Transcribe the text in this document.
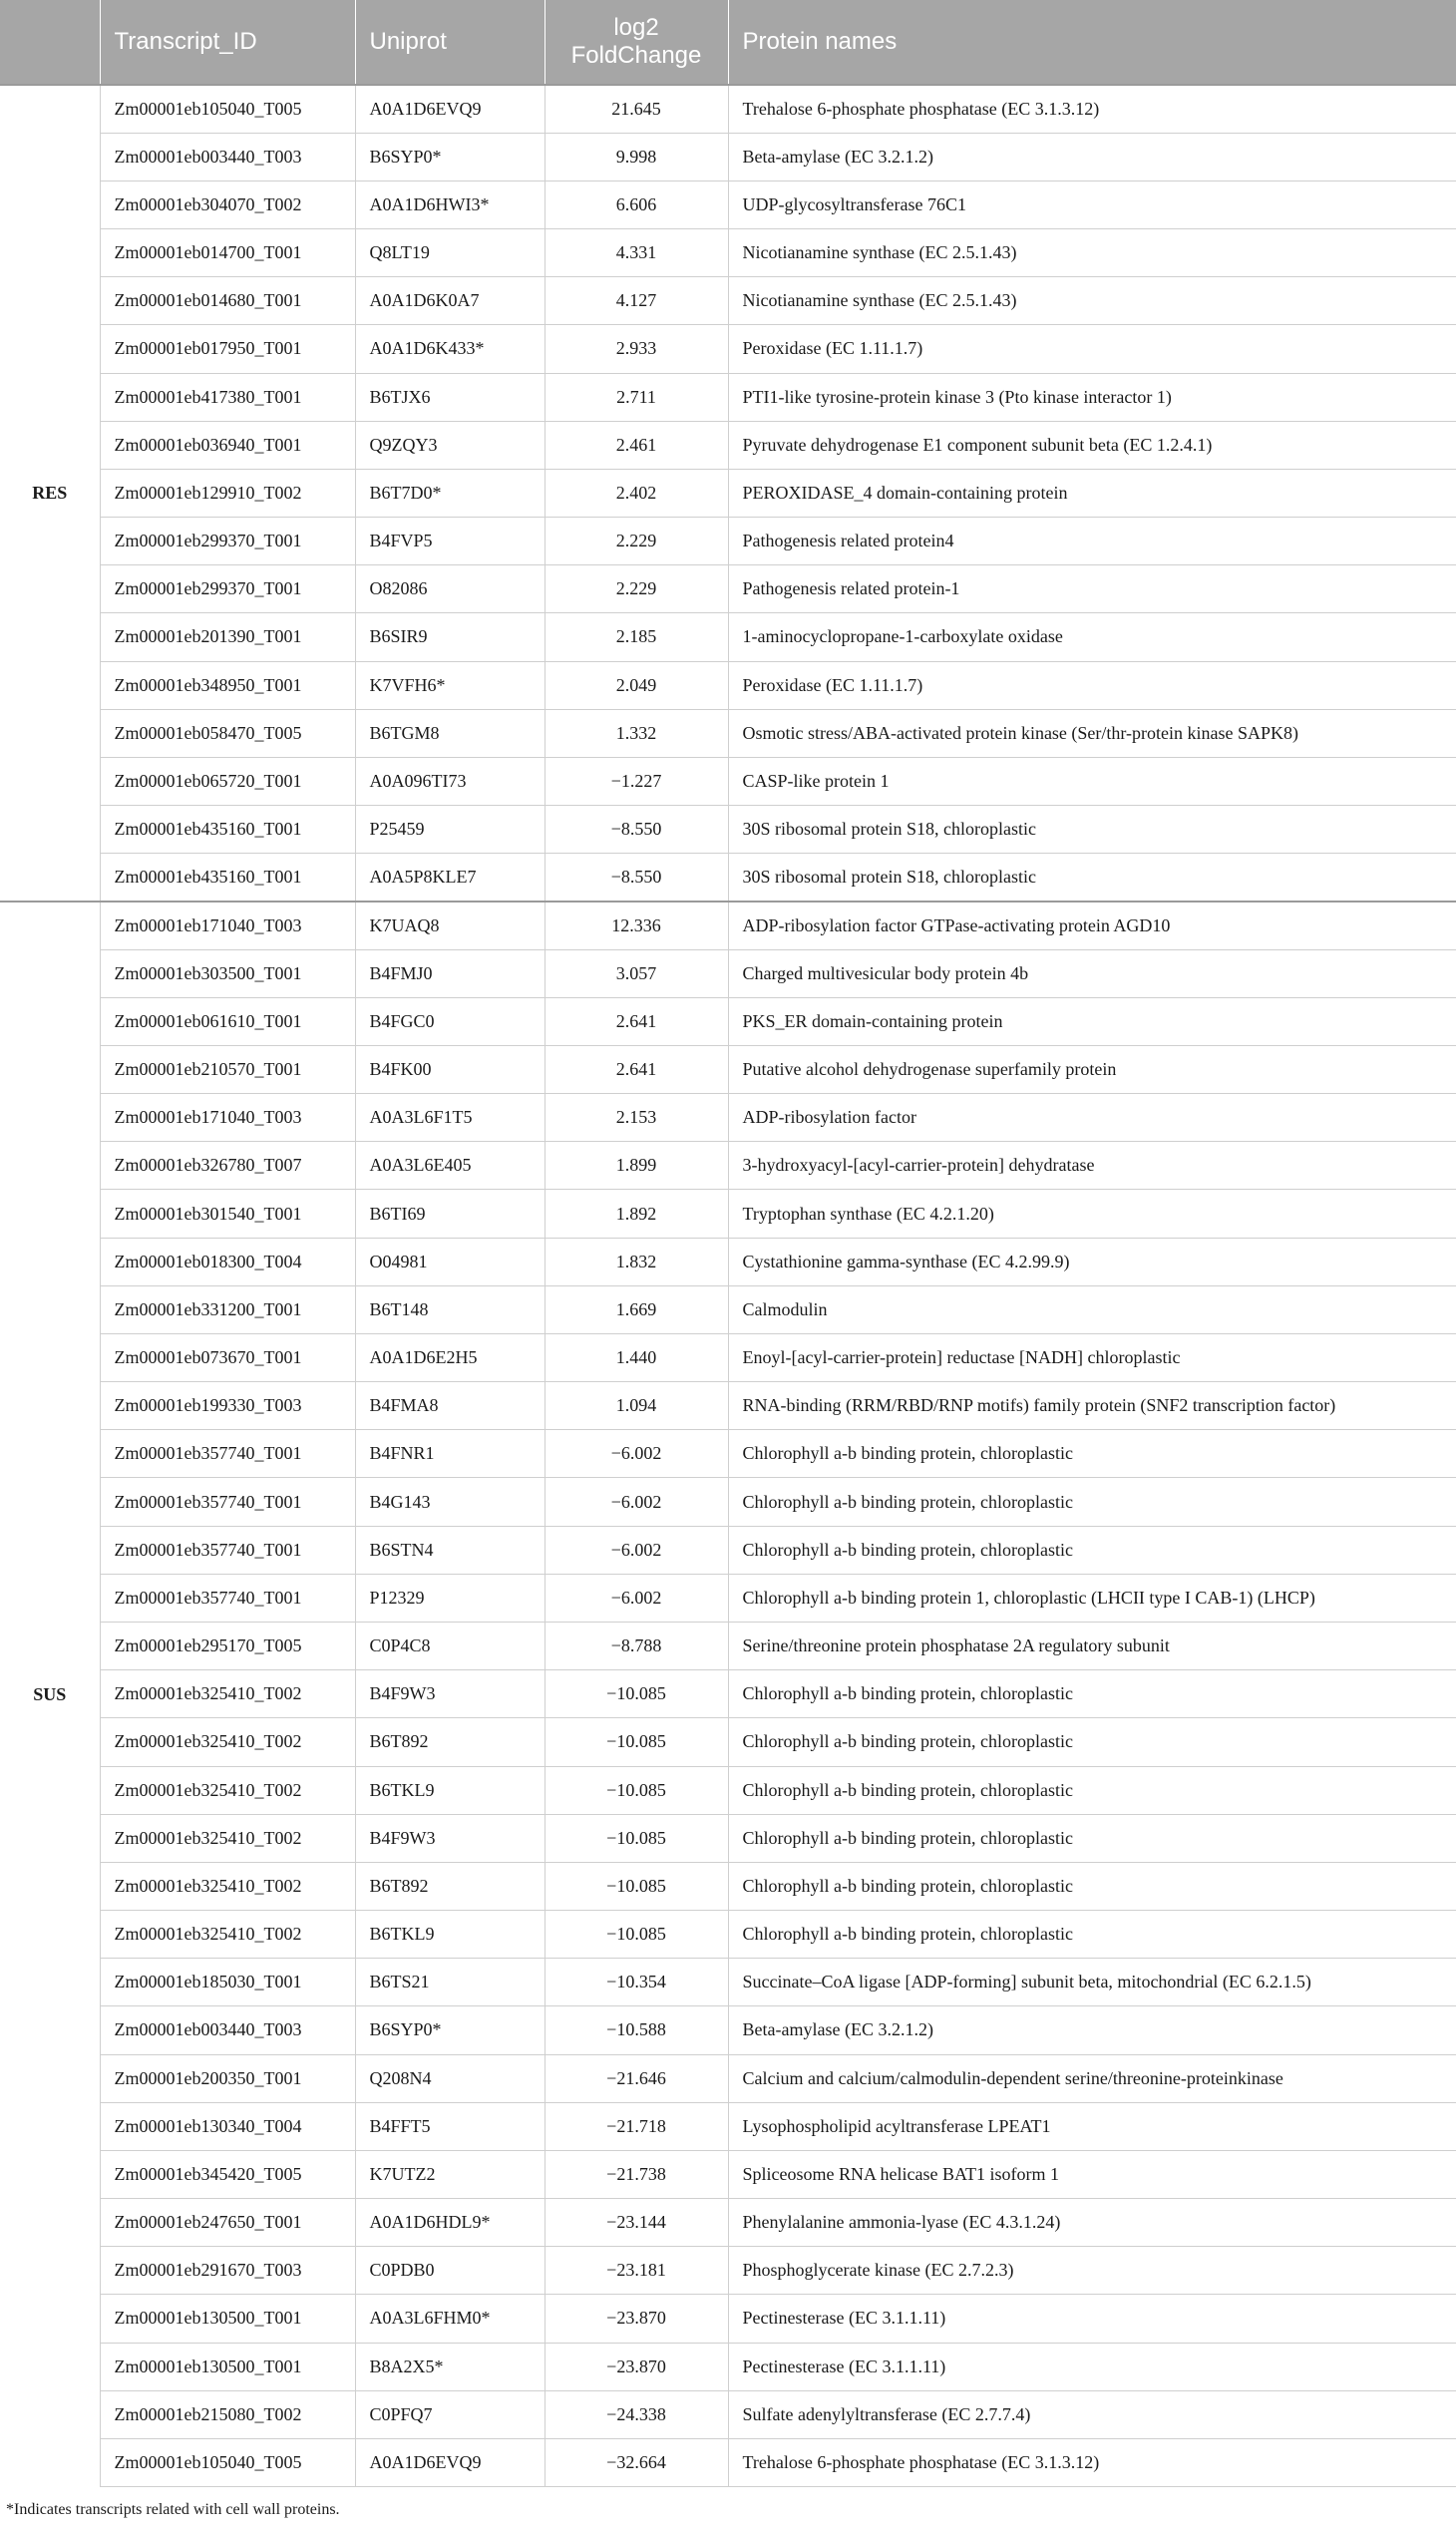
	Transcript_ID	Uniprot	log2 FoldChange	Protein names
RES	Zm00001eb105040_T005	A0A1D6EVQ9	21.645	Trehalose 6-phosphate phosphatase (EC 3.1.3.12)
	Zm00001eb003440_T003	B6SYP0*	9.998	Beta-amylase (EC 3.2.1.2)
	Zm00001eb304070_T002	A0A1D6HWI3*	6.606	UDP-glycosyltransferase 76C1
	Zm00001eb014700_T001	Q8LT19	4.331	Nicotianamine synthase (EC 2.5.1.43)
	Zm00001eb014680_T001	A0A1D6K0A7	4.127	Nicotianamine synthase (EC 2.5.1.43)
	Zm00001eb017950_T001	A0A1D6K433*	2.933	Peroxidase (EC 1.11.1.7)
	Zm00001eb417380_T001	B6TJX6	2.711	PTI1-like tyrosine-protein kinase 3 (Pto kinase interactor 1)
	Zm00001eb036940_T001	Q9ZQY3	2.461	Pyruvate dehydrogenase E1 component subunit beta (EC 1.2.4.1)
	Zm00001eb129910_T002	B6T7D0*	2.402	PEROXIDASE_4 domain-containing protein
	Zm00001eb299370_T001	B4FVP5	2.229	Pathogenesis related protein4
	Zm00001eb299370_T001	O82086	2.229	Pathogenesis related protein-1
	Zm00001eb201390_T001	B6SIR9	2.185	1-aminocyclopropane-1-carboxylate oxidase
	Zm00001eb348950_T001	K7VFH6*	2.049	Peroxidase (EC 1.11.1.7)
	Zm00001eb058470_T005	B6TGM8	1.332	Osmotic stress/ABA-activated protein kinase (Ser/thr-protein kinase SAPK8)
	Zm00001eb065720_T001	A0A096TI73	−1.227	CASP-like protein 1
	Zm00001eb435160_T001	P25459	−8.550	30S ribosomal protein S18, chloroplastic
	Zm00001eb435160_T001	A0A5P8KLE7	−8.550	30S ribosomal protein S18, chloroplastic
SUS	Zm00001eb171040_T003	K7UAQ8	12.336	ADP-ribosylation factor GTPase-activating protein AGD10
	Zm00001eb303500_T001	B4FMJ0	3.057	Charged multivesicular body protein 4b
	Zm00001eb061610_T001	B4FGC0	2.641	PKS_ER domain-containing protein
	Zm00001eb210570_T001	B4FK00	2.641	Putative alcohol dehydrogenase superfamily protein
	Zm00001eb171040_T003	A0A3L6F1T5	2.153	ADP-ribosylation factor
	Zm00001eb326780_T007	A0A3L6E405	1.899	3-hydroxyacyl-[acyl-carrier-protein] dehydratase
	Zm00001eb301540_T001	B6TI69	1.892	Tryptophan synthase (EC 4.2.1.20)
	Zm00001eb018300_T004	O04981	1.832	Cystathionine gamma-synthase (EC 4.2.99.9)
	Zm00001eb331200_T001	B6T148	1.669	Calmodulin
	Zm00001eb073670_T001	A0A1D6E2H5	1.440	Enoyl-[acyl-carrier-protein] reductase [NADH] chloroplastic
	Zm00001eb199330_T003	B4FMA8	1.094	RNA-binding (RRM/RBD/RNP motifs) family protein (SNF2 transcription factor)
	Zm00001eb357740_T001	B4FNR1	−6.002	Chlorophyll a-b binding protein, chloroplastic
	Zm00001eb357740_T001	B4G143	−6.002	Chlorophyll a-b binding protein, chloroplastic
	Zm00001eb357740_T001	B6STN4	−6.002	Chlorophyll a-b binding protein, chloroplastic
	Zm00001eb357740_T001	P12329	−6.002	Chlorophyll a-b binding protein 1, chloroplastic (LHCII type I CAB-1) (LHCP)
	Zm00001eb295170_T005	C0P4C8	−8.788	Serine/threonine protein phosphatase 2A regulatory subunit
	Zm00001eb325410_T002	B4F9W3	−10.085	Chlorophyll a-b binding protein, chloroplastic
	Zm00001eb325410_T002	B6T892	−10.085	Chlorophyll a-b binding protein, chloroplastic
	Zm00001eb325410_T002	B6TKL9	−10.085	Chlorophyll a-b binding protein, chloroplastic
	Zm00001eb325410_T002	B4F9W3	−10.085	Chlorophyll a-b binding protein, chloroplastic
	Zm00001eb325410_T002	B6T892	−10.085	Chlorophyll a-b binding protein, chloroplastic
	Zm00001eb325410_T002	B6TKL9	−10.085	Chlorophyll a-b binding protein, chloroplastic
	Zm00001eb185030_T001	B6TS21	−10.354	Succinate–CoA ligase [ADP-forming] subunit beta, mitochondrial (EC 6.2.1.5)
	Zm00001eb003440_T003	B6SYP0*	−10.588	Beta-amylase (EC 3.2.1.2)
	Zm00001eb200350_T001	Q208N4	−21.646	Calcium and calcium/calmodulin-dependent serine/threonine-proteinkinase
	Zm00001eb130340_T004	B4FFT5	−21.718	Lysophospholipid acyltransferase LPEAT1
	Zm00001eb345420_T005	K7UTZ2	−21.738	Spliceosome RNA helicase BAT1 isoform 1
	Zm00001eb247650_T001	A0A1D6HDL9*	−23.144	Phenylalanine ammonia-lyase (EC 4.3.1.24)
	Zm00001eb291670_T003	C0PDB0	−23.181	Phosphoglycerate kinase (EC 2.7.2.3)
	Zm00001eb130500_T001	A0A3L6FHM0*	−23.870	Pectinesterase (EC 3.1.1.11)
	Zm00001eb130500_T001	B8A2X5*	−23.870	Pectinesterase (EC 3.1.1.11)
	Zm00001eb215080_T002	C0PFQ7	−24.338	Sulfate adenylyltransferase (EC 2.7.7.4)
	Zm00001eb105040_T005	A0A1D6EVQ9	−32.664	Trehalose 6-phosphate phosphatase (EC 3.1.3.12)

*Indicates transcripts related with cell wall proteins.
